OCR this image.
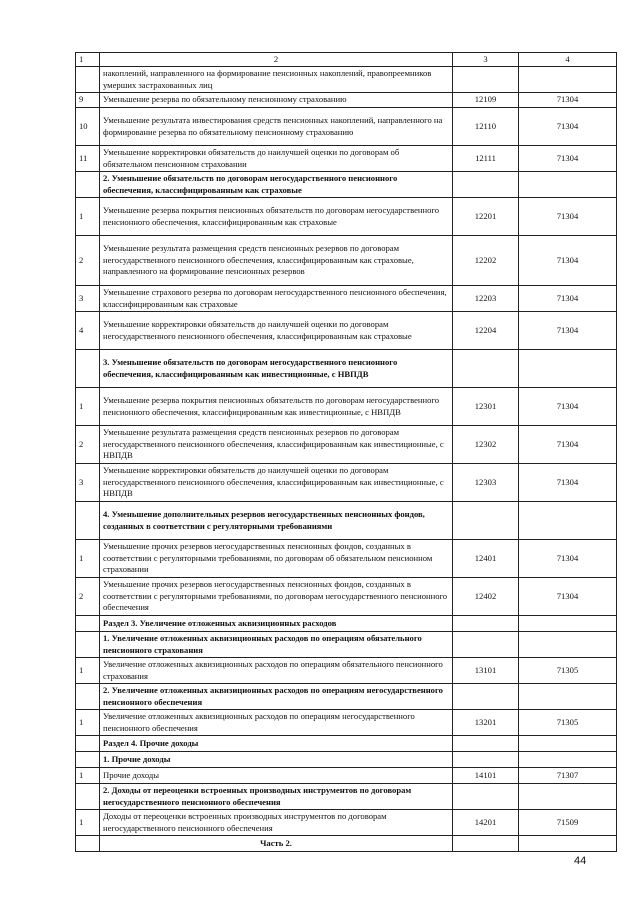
1	2	3	4
	накоплений, направленного на формирование пенсионных накоплений, правопреемников умерших застрахованных лиц		
9	Уменьшение резерва по обязательному пенсионному страхованию	12109	71304
10	Уменьшение результата инвестирования средств пенсионных накоплений, направленного на формирование резерва по обязательному пенсионному страхованию	12110	71304
11	Уменьшение корректировки обязательств до наилучшей оценки по договорам об обязательном пенсионном страховании	12111	71304
	2. Уменьшение обязательств по договорам негосударственного пенсионного обеспечения, классифицированным как страховые		
1	Уменьшение резерва покрытия пенсионных обязательств по договорам негосударственного пенсионного обеспечения, классифицированным как страховые	12201	71304
2	Уменьшение результата размещения средств пенсионных резервов по договорам негосударственного пенсионного обеспечения, классифицированным как страховые, направленного на формирование пенсионных резервов	12202	71304
3	Уменьшение страхового резерва по договорам негосударственного пенсионного обеспечения, классифицированным как страховые	12203	71304
4	Уменьшение корректировки обязательств до наилучшей оценки по договорам негосударственного пенсионного обеспечения, классифицированным как страховые	12204	71304
	3. Уменьшение обязательств по договорам негосударственного пенсионного обеспечения, классифицированным как инвестиционные, с НВПДВ		
1	Уменьшение резерва покрытия пенсионных обязательств по договорам негосударственного пенсионного обеспечения, классифицированным как инвестиционные, с НВПДВ	12301	71304
2	Уменьшение результата размещения средств пенсионных резервов по договорам негосударственного пенсионного обеспечения, классифицированным как инвестиционные, с НВПДВ	12302	71304
3	Уменьшение корректировки обязательств до наилучшей оценки по договорам негосударственного пенсионного обеспечения, классифицированным как инвестиционные, с НВПДВ	12303	71304
	4. Уменьшение дополнительных резервов негосударственных пенсионных фондов, созданных в соответствии с регуляторными требованиями		
1	Уменьшение прочих резервов негосударственных пенсионных фондов, созданных в соответствии с регуляторными требованиями, по договорам об обязательном пенсионном страховании	12401	71304
2	Уменьшение прочих резервов негосударственных пенсионных фондов, созданных в соответствии с регуляторными требованиями, по договорам негосударственного пенсионного обеспечения	12402	71304
	Раздел 3. Увеличение отложенных аквизиционных расходов		
	1. Увеличение отложенных аквизиционных расходов по операциям обязательного пенсионного страхования		
1	Увеличение отложенных аквизиционных расходов по операциям обязательного пенсионного страхования	13101	71305
	2. Увеличение отложенных аквизиционных расходов по операциям негосударственного пенсионного обеспечения		
1	Увеличение отложенных аквизиционных расходов по операциям негосударственного пенсионного обеспечения	13201	71305
	Раздел 4. Прочие доходы		
	1. Прочие доходы		
1	Прочие доходы	14101	71307
	2. Доходы от переоценки встроенных производных инструментов по договорам негосударственного пенсионного обеспечения		
1	Доходы от переоценки встроенных производных инструментов по договорам негосударственного пенсионного обеспечения	14201	71509
	Часть 2.		
44
